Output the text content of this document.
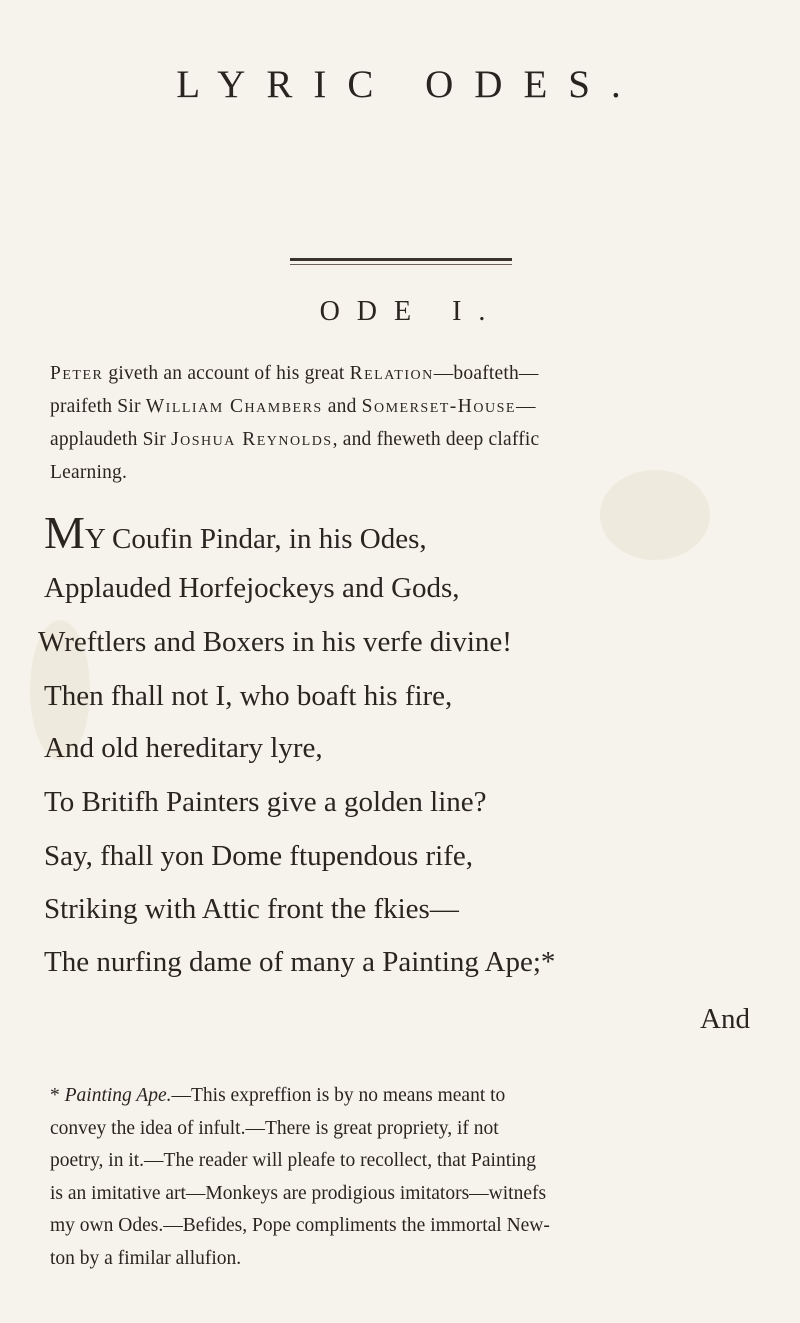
LYRIC ODES.
ODE I.
Peter giveth an account of his great Relation—boafteth—
praifeth Sir William Chambers and Somerset-House—
applaudeth Sir Joshua Reynolds, and fheweth deep claffic
Learning.
MY Coufin Pindar, in his Odes,
Applauded Horfejockeys and Gods,
Wreftlers and Boxers in his verfe divine!
Then fhall not I, who boaft his fire,
And old hereditary lyre,
To Britifh Painters give a golden line?
Say, fhall yon Dome ftupendous rife,
Striking with Attic front the fkies—
The nurfing dame of many a Painting Ape;*
And
* Painting Ape.—This expreffion is by no means meant to
convey the idea of infult.—There is great propriety, if not
poetry, in it.—The reader will pleafe to recollect, that Painting
is an imitative art—Monkeys are prodigious imitators—witnefs
my own Odes.—Befides, Pope compliments the immortal New-
ton by a fimilar allufion.
